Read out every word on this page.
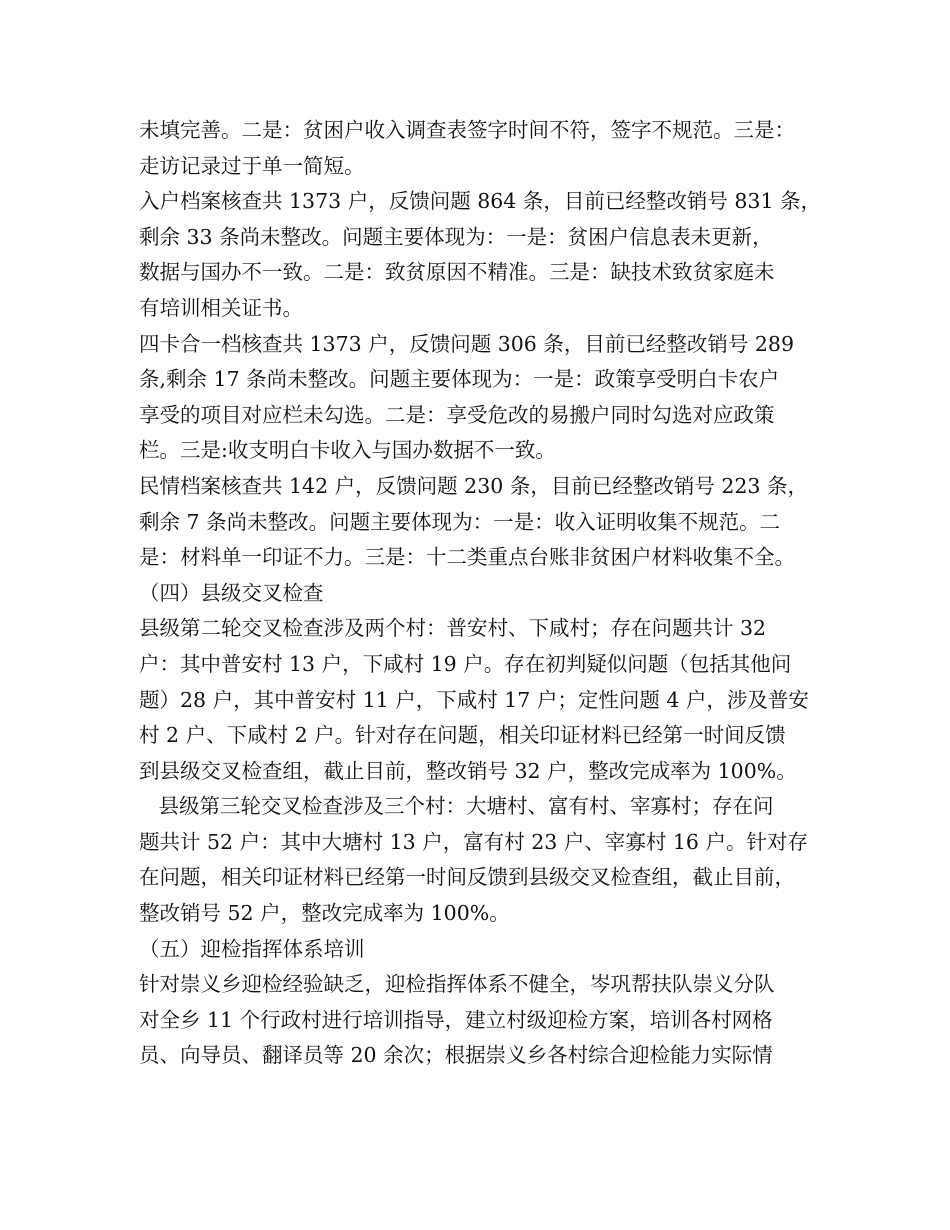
未填完善。二是：贫困户收入调查表签字时间不符，签字不规范。三是：
走访记录过于单一简短。
入户档案核查共 1373 户，反馈问题 864 条，目前已经整改销号 831 条，
剩余 33 条尚未整改。问题主要体现为：一是：贫困户信息表未更新，
数据与国办不一致。二是：致贫原因不精准。三是：缺技术致贫家庭未
有培训相关证书。
四卡合一档核查共 1373 户，反馈问题 306 条，目前已经整改销号 289
条,剩余 17 条尚未整改。问题主要体现为：一是：政策享受明白卡农户
享受的项目对应栏未勾选。二是：享受危改的易搬户同时勾选对应政策
栏。三是:收支明白卡收入与国办数据不一致。
民情档案核查共 142 户，反馈问题 230 条，目前已经整改销号 223 条，
剩余 7 条尚未整改。问题主要体现为：一是：收入证明收集不规范。二
是：材料单一印证不力。三是：十二类重点台账非贫困户材料收集不全。
（四）县级交叉检查
县级第二轮交叉检查涉及两个村：普安村、下咸村；存在问题共计 32
户：其中普安村 13 户，下咸村 19 户。存在初判疑似问题（包括其他问
题）28 户，其中普安村 11 户，下咸村 17 户；定性问题 4 户，涉及普安
村 2 户、下咸村 2 户。针对存在问题，相关印证材料已经第一时间反馈
到县级交叉检查组，截止目前，整改销号 32 户，整改完成率为 100%。
县级第三轮交叉检查涉及三个村：大塘村、富有村、宰寡村；存在问
题共计 52 户：其中大塘村 13 户，富有村 23 户、宰寡村 16 户。针对存
在问题，相关印证材料已经第一时间反馈到县级交叉检查组，截止目前，
整改销号 52 户，整改完成率为 100%。
（五）迎检指挥体系培训
针对崇义乡迎检经验缺乏，迎检指挥体系不健全，岑巩帮扶队崇义分队
对全乡 11 个行政村进行培训指导，建立村级迎检方案，培训各村网格
员、向导员、翻译员等 20 余次；根据崇义乡各村综合迎检能力实际情
